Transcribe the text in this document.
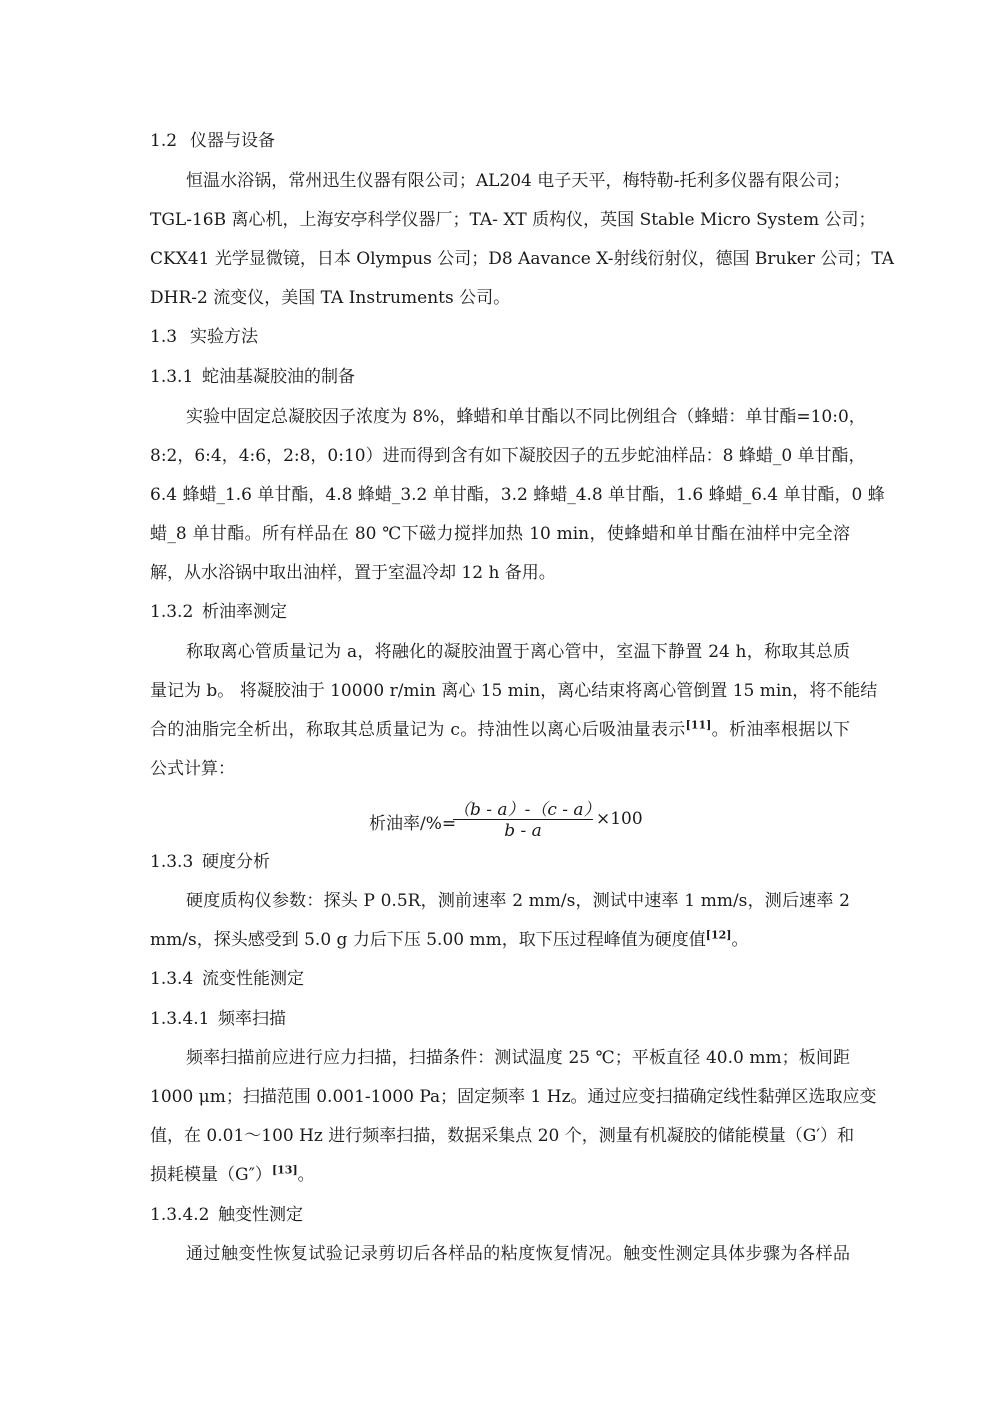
1.2 仪器与设备
恒温水浴锅，常州迅生仪器有限公司；AL204 电子天平，梅特勒-托利多仪器有限公司；
TGL-16B 离心机，上海安亭科学仪器厂；TA- XT 质构仪，英国 Stable Micro System 公司；
CKX41 光学显微镜，日本 Olympus 公司；D8 Aavance X-射线衍射仪，德国 Bruker 公司；TA
DHR-2 流变仪，美国 TA Instruments 公司。
1.3 实验方法
1.3.1 蛇油基凝胶油的制备
实验中固定总凝胶因子浓度为 8%，蜂蜡和单甘酯以不同比例组合（蜂蜡：单甘酯=10:0，
8:2，6:4，4:6，2:8，0:10）进而得到含有如下凝胶因子的五步蛇油样品：8 蜂蜡_0 单甘酯，
6.4 蜂蜡_1.6 单甘酯，4.8 蜂蜡_3.2 单甘酯，3.2 蜂蜡_4.8 单甘酯，1.6 蜂蜡_6.4 单甘酯，0 蜂
蜡_8 单甘酯。所有样品在 80 ℃下磁力搅拌加热 10 min，使蜂蜡和单甘酯在油样中完全溶
解，从水浴锅中取出油样，置于室温冷却 12 h 备用。
1.3.2 析油率测定
称取离心管质量记为 a，将融化的凝胶油置于离心管中，室温下静置 24 h，称取其总质
量记为 b。 将凝胶油于 10000 r/min 离心 15 min，离心结束将离心管倒置 15 min，将不能结
合的油脂完全析出，称取其总质量记为 c。持油性以离心后吸油量表示[11]。析油率根据以下
公式计算：
析油率/%=
（b - a）-（c - a）
b - a
×100
1.3.3 硬度分析
硬度质构仪参数：探头 P 0.5R，测前速率 2 mm/s，测试中速率 1 mm/s，测后速率 2
mm/s，探头感受到 5.0 g 力后下压 5.00 mm，取下压过程峰值为硬度值[12]。
1.3.4 流变性能测定
1.3.4.1 频率扫描
频率扫描前应进行应力扫描，扫描条件：测试温度 25 ℃；平板直径 40.0 mm；板间距
1000 μm；扫描范围 0.001-1000 Pa；固定频率 1 Hz。通过应变扫描确定线性黏弹区选取应变
值，在 0.01～100 Hz 进行频率扫描，数据采集点 20 个，测量有机凝胶的储能模量（G′）和
损耗模量（G″）[13]。
1.3.4.2 触变性测定
通过触变性恢复试验记录剪切后各样品的粘度恢复情况。触变性测定具体步骤为各样品
